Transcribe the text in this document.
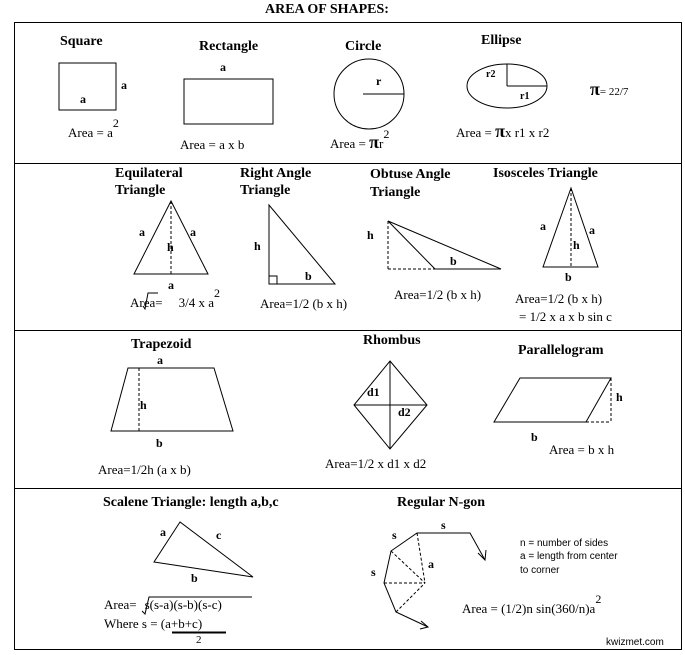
AREA OF SHAPES:
π= 22/7
Square
a
a
Area = a2
Rectangle
a
Area = a x b
Circle
r
Area = πr2
Ellipse
r2
r1
Area = πx r1 x r2
Equilateral
Triangle
a	a
h
a
Area= 3/4 x a2
Right Angle
Triangle
h
b
Area=1/2 (b x h)
Obtuse Angle
Triangle
h
b
Area=1/2 (b x h)
Isosceles Triangle
a	a
h
b
Area=1/2 (b x h)
= 1/2 x a x b sin c
Trapezoid
a
h
b
Area=1/2h (a x b)
Rhombus
d1
d2
Area=1/2 x d1 x d2
Parallelogram
h
b
Area = b x h
Scalene Triangle: length a,b,c
a	c
b
Area= s(s-a)(s-b)(s-c)
Where s = (a+b+c)
2
Regular N-gon
s
s
s
a
n = number of sides
a = length from center
to corner
Area = (1/2)n sin(360/n)a2
kwizmet.com
